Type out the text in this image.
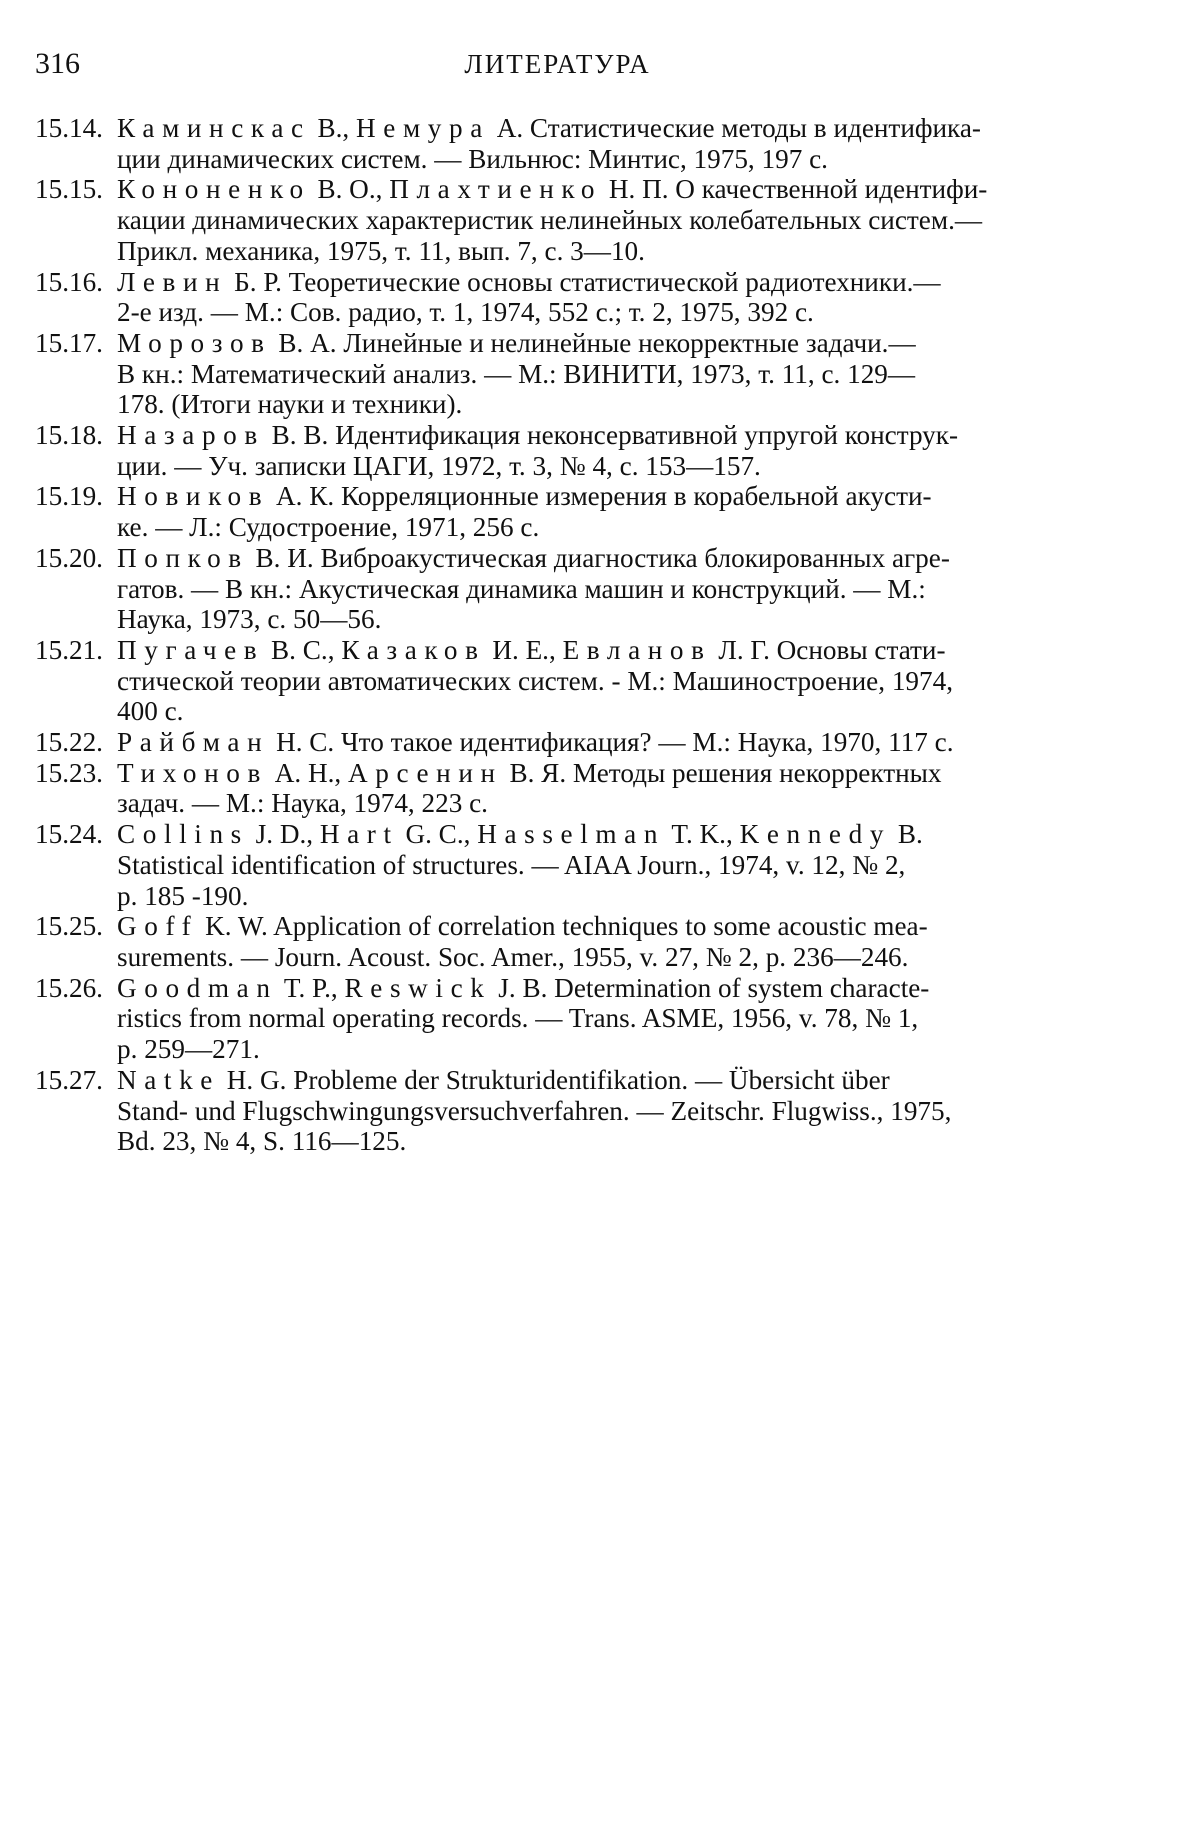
316	ЛИТЕРАТУРА
15.14. Каминскас В., Немура А. Статистические методы в идентифика-
ции динамических систем. — Вильнюс: Минтис, 1975, 197 с.
15.15. Кононенко В. О., Плахтиенко Н. П. О качественной идентифи-
кации динамических характеристик нелинейных колебательных систем.—
Прикл. механика, 1975, т. 11, вып. 7, с. 3—10.
15.16. Левин Б. Р. Теоретические основы статистической радиотехники.—
2-е изд. — М.: Сов. радио, т. 1, 1974, 552 с.; т. 2, 1975, 392 с.
15.17. Морозов В. А. Линейные и нелинейные некорректные задачи.—
В кн.: Математический анализ. — М.: ВИНИТИ, 1973, т. 11, с. 129—
178. (Итоги науки и техники).
15.18. Назаров В. В. Идентификация неконсервативной упругой конструк-
ции. — Уч. записки ЦАГИ, 1972, т. 3, № 4, с. 153—157.
15.19. Новиков А. К. Корреляционные измерения в корабельной акусти-
ке. — Л.: Судостроение, 1971, 256 с.
15.20. Попков В. И. Виброакустическая диагностика блокированных агре-
гатов. — В кн.: Акустическая динамика машин и конструкций. — М.:
Наука, 1973, с. 50—56.
15.21. Пугачев В. С., Казаков И. Е., Евланов Л. Г. Основы стати-
стической теории автоматических систем. - М.: Машиностроение, 1974,
400 с.
15.22. Райбман Н. С. Что такое идентификация? — М.: Наука, 1970, 117 с.
15.23. Тихонов А. Н., Арсенин В. Я. Методы решения некорректных
задач. — М.: Наука, 1974, 223 с.
15.24. Collins J. D., Hart G. C., Hasselman T. K., Kennedy B.
Statistical identification of structures. — AIAA Journ., 1974, v. 12, № 2,
p. 185 -190.
15.25. Goff K. W. Application of correlation techniques to some acoustic mea-
surements. — Journ. Acoust. Soc. Amer., 1955, v. 27, № 2, p. 236—246.
15.26. Goodman T. P., Reswick J. B. Determination of system characte-
ristics from normal operating records. — Trans. ASME, 1956, v. 78, № 1,
p. 259—271.
15.27. Natke H. G. Probleme der Strukturidentifikation. — Übersicht über
Stand- und Flugschwingungsversuchverfahren. — Zeitschr. Flugwiss., 1975,
Bd. 23, № 4, S. 116—125.
